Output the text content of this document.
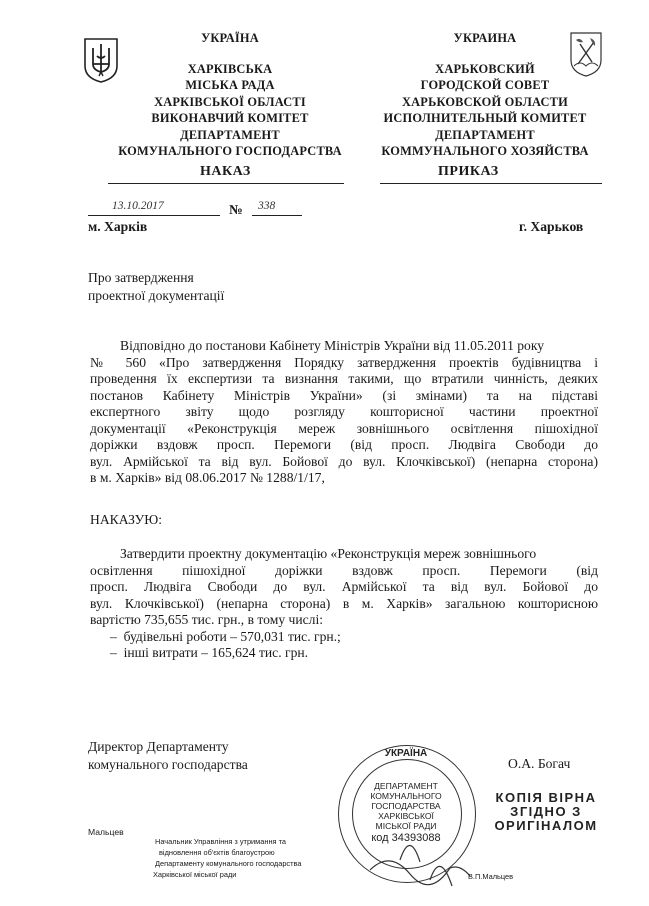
УКРАЇНА
ХАРКІВСЬКА
МІСЬКА РАДА
ХАРКІВСЬКОЇ ОБЛАСТІ
ВИКОНАВЧИЙ КОМІТЕТ
ДЕПАРТАМЕНТ
КОМУНАЛЬНОГО ГОСПОДАРСТВА
НАКАЗ
УКРАИНА
ХАРЬКОВСКИЙ
ГОРОДСКОЙ СОВЕТ
ХАРЬКОВСКОЙ ОБЛАСТИ
ИСПОЛНИТЕЛЬНЫЙ КОМИТЕТ
ДЕПАРТАМЕНТ
КОММУНАЛЬНОГО ХОЗЯЙСТВА
ПРИКАЗ
13.10.2017	№ 338
м. Харків	г. Харьков
Про затвердження
проектної документації
Відповідно до постанови Кабінету Міністрів України від 11.05.2011 року
№ 560 «Про затвердження Порядку затвердження проектів будівництва і
проведення їх експертизи та визнання такими, що втратили чинність, деяких
постанов Кабінету Міністрів України» (зі змінами) та на підставі
експертного звіту щодо розгляду кошторисної частини проектної
документації «Реконструкція мереж зовнішнього освітлення пішохідної
доріжки вздовж просп. Перемоги (від просп. Людвіга Свободи до
вул. Армійської та від вул. Бойової до вул. Клочківської) (непарна сторона)
в м. Харків» від 08.06.2017 № 1288/1/17,
НАКАЗУЮ:
Затвердити проектну документацію «Реконструкція мереж зовнішнього
освітлення пішохідної доріжки вздовж просп. Перемоги (від
просп. Людвіга Свободи до вул. Армійської та від вул. Бойової до
вул. Клочківської) (непарна сторона) в м. Харків» загальною кошторисною
вартістю 735,655 тис. грн., в тому числі:
– будівельні роботи – 570,031 тис. грн.;
– інші витрати – 165,624 тис. грн.
Директор Департаменту
комунального господарства	О.А. Богач
УКРАЇНА
ДЕПАРТАМЕНТ
КОМУНАЛЬНОГО
ГОСПОДАРСТВА
ХАРКІВСЬКОЇ
МІСЬКОЇ РАДИ
код 34393088
КОПІЯ ВІРНА
ЗГІДНО З
ОРИГІНАЛОМ
Мальцев
Начальник Управління з утримання та
відновлення об'єктів благоустрою
Департаменту комунального господарства
Харківської міської ради	В.П.Мальцев
